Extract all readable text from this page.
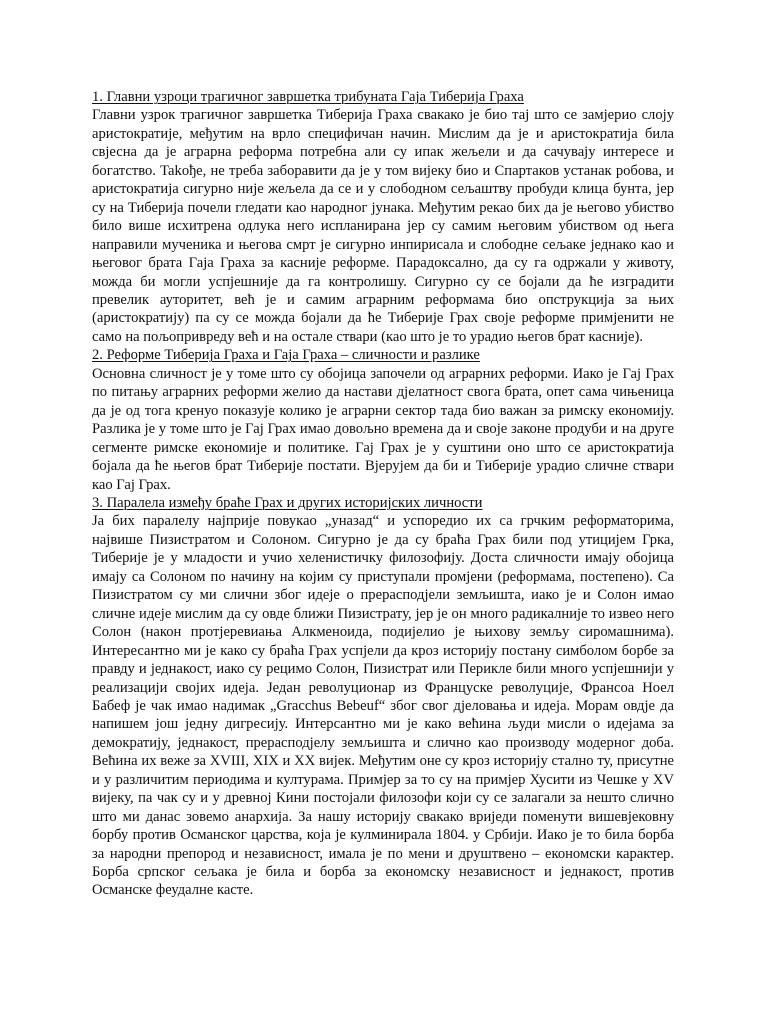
1. Главни узроци трагичног завршетка трибуната Гаја Тиберија Граха

Главни узрок трагичног завршетка Тиберија Граха свакако је био тај што се замјерио слоју аристократије, међутим на врло специфичан начин. Мислим да је и аристократија била свјесна да је аграрна реформа потребна али су ипак жељели и да сачувају интересе и богатство. Takође, не треба заборавити да је у том вијеку био и Спартаков устанак робова, и аристократија сигурно није жељела да се и у слободном сељаштву пробуди клица бунта, јер су на Тиберија почели гледати као народног јунака. Међутим рекао бих да је његово убиство било више исхитрена одлука него испланирана јер су самим његовим убиством од њега направили мученика и његова смрт је сигурно инпирисала и слободне сељаке једнако као и његовог брата Гаја Граха за касније реформе. Парадоксално, да су га одржали у животу, можда би могли успјешније да га контролишу. Сигурно су се бојали да ће изградити превелик ауторитет, већ је и самим аграрним реформама био опструкција за њих (аристократију) па су се можда бојали да ће Тиберије Грах своје реформе примјенити не само на пољопривреду већ и на остале ствари (као што је то урадио његов брат касније).

2. Реформе Тиберија Граха и Гаја Граха – сличности и разлике

Основна сличност је у томе што су обојица започели од аграрних реформи. Иако је Гај Грах по питању аграрних реформи желио да настави дјелатност свога брата, опет сама чињеница да је од тога кренуо показује колико је аграрни сектор тада био важан за римску економију. Разлика је у томе што је Гај Грах имао довољно времена да и своје законе продуби и на друге сегменте римске економије и политике. Гај Грах је у суштини оно што се аристократија бојала да ће његов брат Тиберије постати. Вјерујем да би и Тиберије урадио сличне ствари као Гај Грах.

3. Паралела између браће Грах и других историјских личности

Ја бих паралелу најприје повукао „уназад“ и успоредио их са грчким реформаторима, највише Пизистратом и Солоном. Сигурно је да су браћа Грах били под утицијем Грка, Тиберије је у младости и учио хеленистичку филозофију. Доста сличности имају обојица имају са Солоном по начину на којим су приступали промјени (реформама, постепено). Са Пизистратом су ми слични због идеје о прерасподјели земљишта, иако је и Солон имао сличне идеје мислим да су овде ближи Пизистрату, јер је он много радикалније то извео него Солон (након протјеревиања Алкменоида, подијелио је њихову земљу сиромашнима). Интересантно ми је како су браћа Грах успјели да кроз историју постану симболом борбе за правду и једнакост, иако су рецимо Солон, Пизистрат или Перикле били много успјешнији у реализацији својих идеја. Један револуционар из Француске револуције, Франсоа Ноел Бабеф је чак имао надимак „Gracchus Bebeuf“ због свог дјеловања и идеја. Морам овдје да напишем још једну дигресију. Интерсантно ми је како већина људи мисли о идејама за демократију, једнакост, прерасподјелу земљишта и слично као производу модерног доба. Већина их веже за XVIII, XIX и XX вијек. Међутим оне су кроз историју стално ту, присутне и у различитим периодима и културама. Примјер за то су на примјер Хусити из Чешке у XV вијеку, па чак су и у древној Кини постојали филозофи који су се залагали за нешто слично што ми данас зовемо анархија. За нашу историју свакако вриједи поменути вишевјековну борбу против Османског царства, која је кулминирала 1804. у Србији. Иако је то била борба за народни препород и независност, имала је по мени и друштвено – економски карактер. Борба српског сељака је била и борба за економску независност и једнакост, против Османске феудалне касте.
